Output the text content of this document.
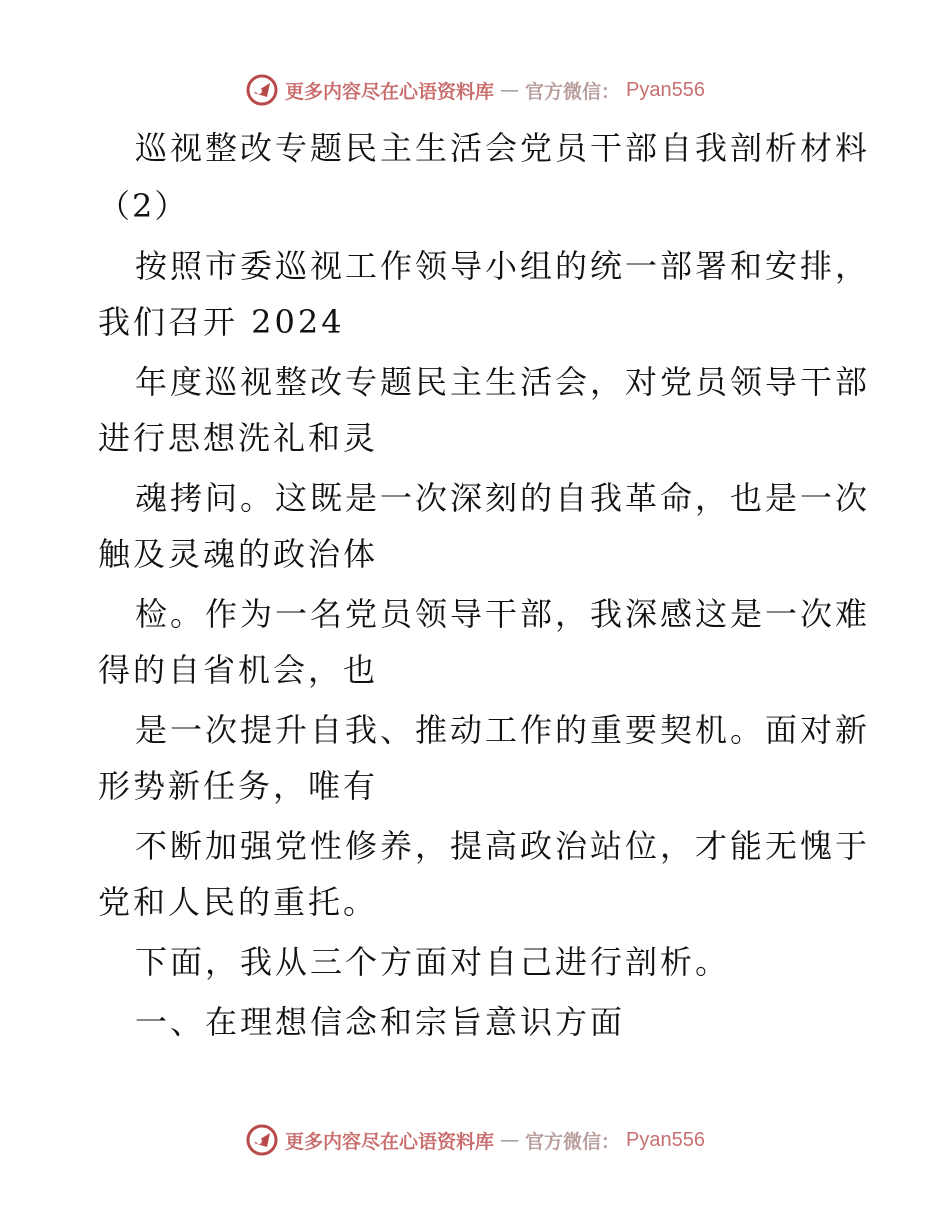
更多内容尽在心语资料库 — 官方微信： Pyan556
巡视整改专题民主生活会党员干部自我剖析材料
（2）
按照市委巡视工作领导小组的统一部署和安排，
我们召开 2024
年度巡视整改专题民主生活会，对党员领导干部
进行思想洗礼和灵
魂拷问。这既是一次深刻的自我革命，也是一次
触及灵魂的政治体
检。作为一名党员领导干部，我深感这是一次难
得的自省机会，也
是一次提升自我、推动工作的重要契机。面对新
形势新任务，唯有
不断加强党性修养，提高政治站位，才能无愧于
党和人民的重托。
下面，我从三个方面对自己进行剖析。
一、在理想信念和宗旨意识方面
更多内容尽在心语资料库 — 官方微信： Pyan556
